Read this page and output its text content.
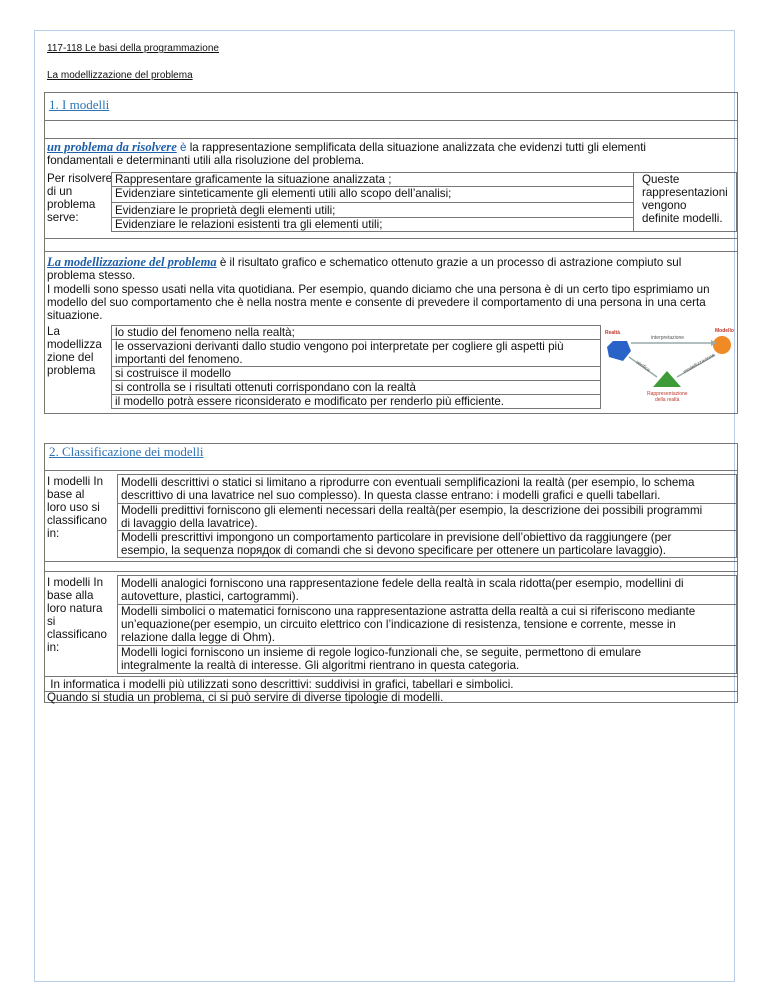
117-118 Le basi della programmazione
La modellizzazione del problema
1. I modelli
un problema da risolvere è la rappresentazione semplificata della situazione analizzata che evidenzi tutti gli elementi
fondamentali e determinanti utili alla risoluzione del problema.
Per risolvere
di un
problema
serve:
Rappresentare graficamente la situazione analizzata ;
Evidenziare sinteticamente gli elementi utili allo scopo dell’analisi;
Evidenziare le proprietà degli elementi utili;
Evidenziare le relazioni esistenti tra gli elementi utili;
Queste
rappresentazioni
vengono
definite modelli.
La modellizzazione del problema è il risultato grafico e schematico ottenuto grazie a un processo di astrazione compiuto sul
problema stesso.
I modelli sono spesso usati nella vita quotidiana. Per esempio, quando diciamo che una persona è di un certo tipo esprimiamo un
modello del suo comportamento che è nella nostra mente e consente di prevedere il comportamento di una persona in una certa
situazione.
La
modellizza
zione del
problema
lo studio del fenomeno nella realtà;
le osservazioni derivanti dallo studio vengono poi interpretate per cogliere gli aspetti più
importanti del fenomeno.
si costruisce il modello
si controlla se i risultati ottenuti corrispondano con la realtà
il modello potrà essere riconsiderato e modificato per renderlo più efficiente.
Realtà	Modello
interpretazione
verifica	modellizzazione
Rappresentazione
della realtà
2. Classificazione dei modelli
I modelli In
base al
loro uso si
classificano
in:
Modelli descrittivi o statici si limitano a riprodurre con eventuali semplificazioni la realtà (per esempio, lo schema
descrittivo di una lavatrice nel suo complesso). In questa classe entrano: i modelli grafici e quelli tabellari.
Modelli predittivi forniscono gli elementi necessari della realtà(per esempio, la descrizione dei possibili programmi
di lavaggio della lavatrice).
Modelli prescrittivi impongono un comportamento particolare in previsione dell’obiettivo da raggiungere (per
esempio, la sequenza порядок di comandi che si devono specificare per ottenere un particolare lavaggio).
I modelli In
base alla
loro natura
si
classificano
in:
Modelli analogici forniscono una rappresentazione fedele della realtà in scala ridotta(per esempio, modellini di
autovetture, plastici, cartogrammi).
Modelli simbolici o matematici forniscono una rappresentazione astratta della realtà a cui si riferiscono mediante
un’equazione(per esempio, un circuito elettrico con l’indicazione di resistenza, tensione e corrente, messe in
relazione dalla legge di Ohm).
Modelli logici forniscono un insieme di regole logico-funzionali che, se seguite, permettono di emulare
integralmente la realtà di interesse. Gli algoritmi rientrano in questa categoria.
In informatica i modelli più utilizzati sono descrittivi: suddivisi in grafici, tabellari e simbolici.
Quando si studia un problema, ci si può servire di diverse tipologie di modelli.
